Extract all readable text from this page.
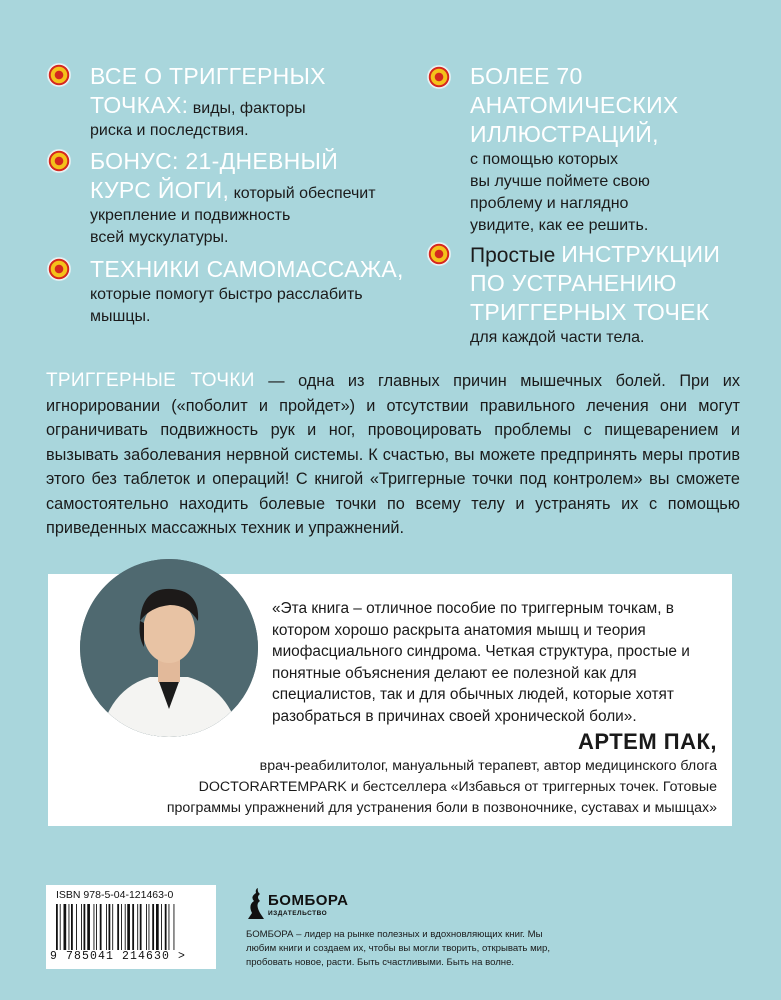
ВСЕ О ТРИГГЕРНЫХ
ТОЧКАХ: виды, факторы
риска и последствия.
БОНУС: 21-ДНЕВНЫЙ
КУРС ЙОГИ, который обеспечит
укрепление и подвижность
всей мускулатуры.
ТЕХНИКИ САМОМАССАЖА,
которые помогут быстро расслабить
мышцы.
БОЛЕЕ 70
АНАТОМИЧЕСКИХ
ИЛЛЮСТРАЦИЙ,
с помощью которых
вы лучше поймете свою
проблему и наглядно
увидите, как ее решить.
Простые ИНСТРУКЦИИ
ПО УСТРАНЕНИЮ
ТРИГГЕРНЫХ ТОЧЕК
для каждой части тела.

ТРИГГЕРНЫЕ ТОЧКИ — одна из главных причин мышечных болей. При их игнорировании («поболит и пройдет») и отсутствии правильного лечения они могут ограничивать подвижность рук и ног, провоцировать проблемы с пищеварением и вызывать заболевания нервной системы. К счастью, вы можете предпринять меры против этого без таблеток и операций! С книгой «Триггерные точки под контролем» вы сможете самостоятельно находить болевые точки по всему телу и устранять их с помощью приведенных массажных техник и упражнений.

«Эта книга – отличное пособие по триггерным точкам, в котором хорошо раскрыта анатомия мышц и теория миофасциального синдрома. Четкая структура, простые и понятные объяснения делают ее полезной как для специалистов, так и для обычных людей, которые хотят разобраться в причинах своей хронической боли».
АРТЕМ ПАК,
врач-реабилитолог, мануальный терапевт, автор медицинского блога DOCTORARTEMPARK и бестселлера «Избавься от триггерных точек. Готовые программы упражнений для устранения боли в позвоночнике, суставах и мышцах»
ISBN 978-5-04-121463-0
9 785041 214630 >
БОМБОРА
ИЗДАТЕЛЬСТВО
БОМБОРА – лидер на рынке полезных и вдохновляющих книг. Мы любим книги и создаем их, чтобы вы могли творить, открывать мир, пробовать новое, расти. Быть счастливыми. Быть на волне.
